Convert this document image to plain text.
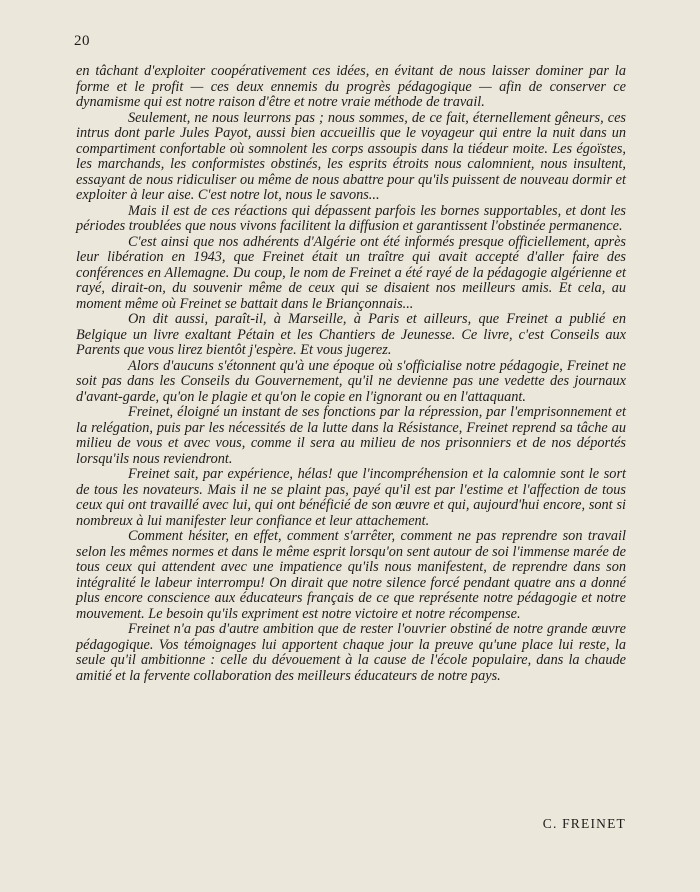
20

en tâchant d'exploiter coopérativement ces idées, en évitant de nous laisser dominer par la forme et le profit — ces deux ennemis du progrès pédagogique — afin de conserver ce dynamisme qui est notre raison d'être et notre vraie méthode de travail.

Seulement, ne nous leurrons pas ; nous sommes, de ce fait, éternellement gêneurs, ces intrus dont parle Jules Payot, aussi bien accueillis que le voyageur qui entre la nuit dans un compartiment confortable où somnolent les corps assoupis dans la tiédeur moite. Les égoïstes, les marchands, les conformistes obstinés, les esprits étroits nous calomnient, nous insultent, essayant de nous ridiculiser ou même de nous abattre pour qu'ils puissent de nouveau dormir et exploiter à leur aise. C'est notre lot, nous le savons...

Mais il est de ces réactions qui dépassent parfois les bornes supportables, et dont les périodes troublées que nous vivons facilitent la diffusion et garantissent l'obstinée permanence.

C'est ainsi que nos adhérents d'Algérie ont été informés presque officiellement, après leur libération en 1943, que Freinet était un traître qui avait accepté d'aller faire des conférences en Allemagne. Du coup, le nom de Freinet a été rayé de la pédagogie algérienne et rayé, dirait-on, du souvenir même de ceux qui se disaient nos meilleurs amis. Et cela, au moment même où Freinet se battait dans le Briançonnais...

On dit aussi, paraît-il, à Marseille, à Paris et ailleurs, que Freinet a publié en Belgique un livre exaltant Pétain et les Chantiers de Jeunesse. Ce livre, c'est Conseils aux Parents que vous lirez bientôt j'espère. Et vous jugerez.

Alors d'aucuns s'étonnent qu'à une époque où s'officialise notre pédagogie, Freinet ne soit pas dans les Conseils du Gouvernement, qu'il ne devienne pas une vedette des journaux d'avant-garde, qu'on le plagie et qu'on le copie en l'ignorant ou en l'attaquant.

Freinet, éloigné un instant de ses fonctions par la répression, par l'emprisonnement et la relégation, puis par les nécessités de la lutte dans la Résistance, Freinet reprend sa tâche au milieu de vous et avec vous, comme il sera au milieu de nos prisonniers et de nos déportés lorsqu'ils nous reviendront.

Freinet sait, par expérience, hélas! que l'incompréhension et la calomnie sont le sort de tous les novateurs. Mais il ne se plaint pas, payé qu'il est par l'estime et l'affection de tous ceux qui ont travaillé avec lui, qui ont bénéficié de son œuvre et qui, aujourd'hui encore, sont si nombreux à lui manifester leur confiance et leur attachement.

Comment hésiter, en effet, comment s'arrêter, comment ne pas reprendre son travail selon les mêmes normes et dans le même esprit lorsqu'on sent autour de soi l'immense marée de tous ceux qui attendent avec une impatience qu'ils nous manifestent, de reprendre dans son intégralité le labeur interrompu! On dirait que notre silence forcé pendant quatre ans a donné plus encore conscience aux éducateurs français de ce que représente notre pédagogie et notre mouvement. Le besoin qu'ils expriment est notre victoire et notre récompense.

Freinet n'a pas d'autre ambition que de rester l'ouvrier obstiné de notre grande œuvre pédagogique. Vos témoignages lui apportent chaque jour la preuve qu'une place lui reste, la seule qu'il ambitionne : celle du dévouement à la cause de l'école populaire, dans la chaude amitié et la fervente collaboration des meilleurs éducateurs de notre pays.

C. FREINET
